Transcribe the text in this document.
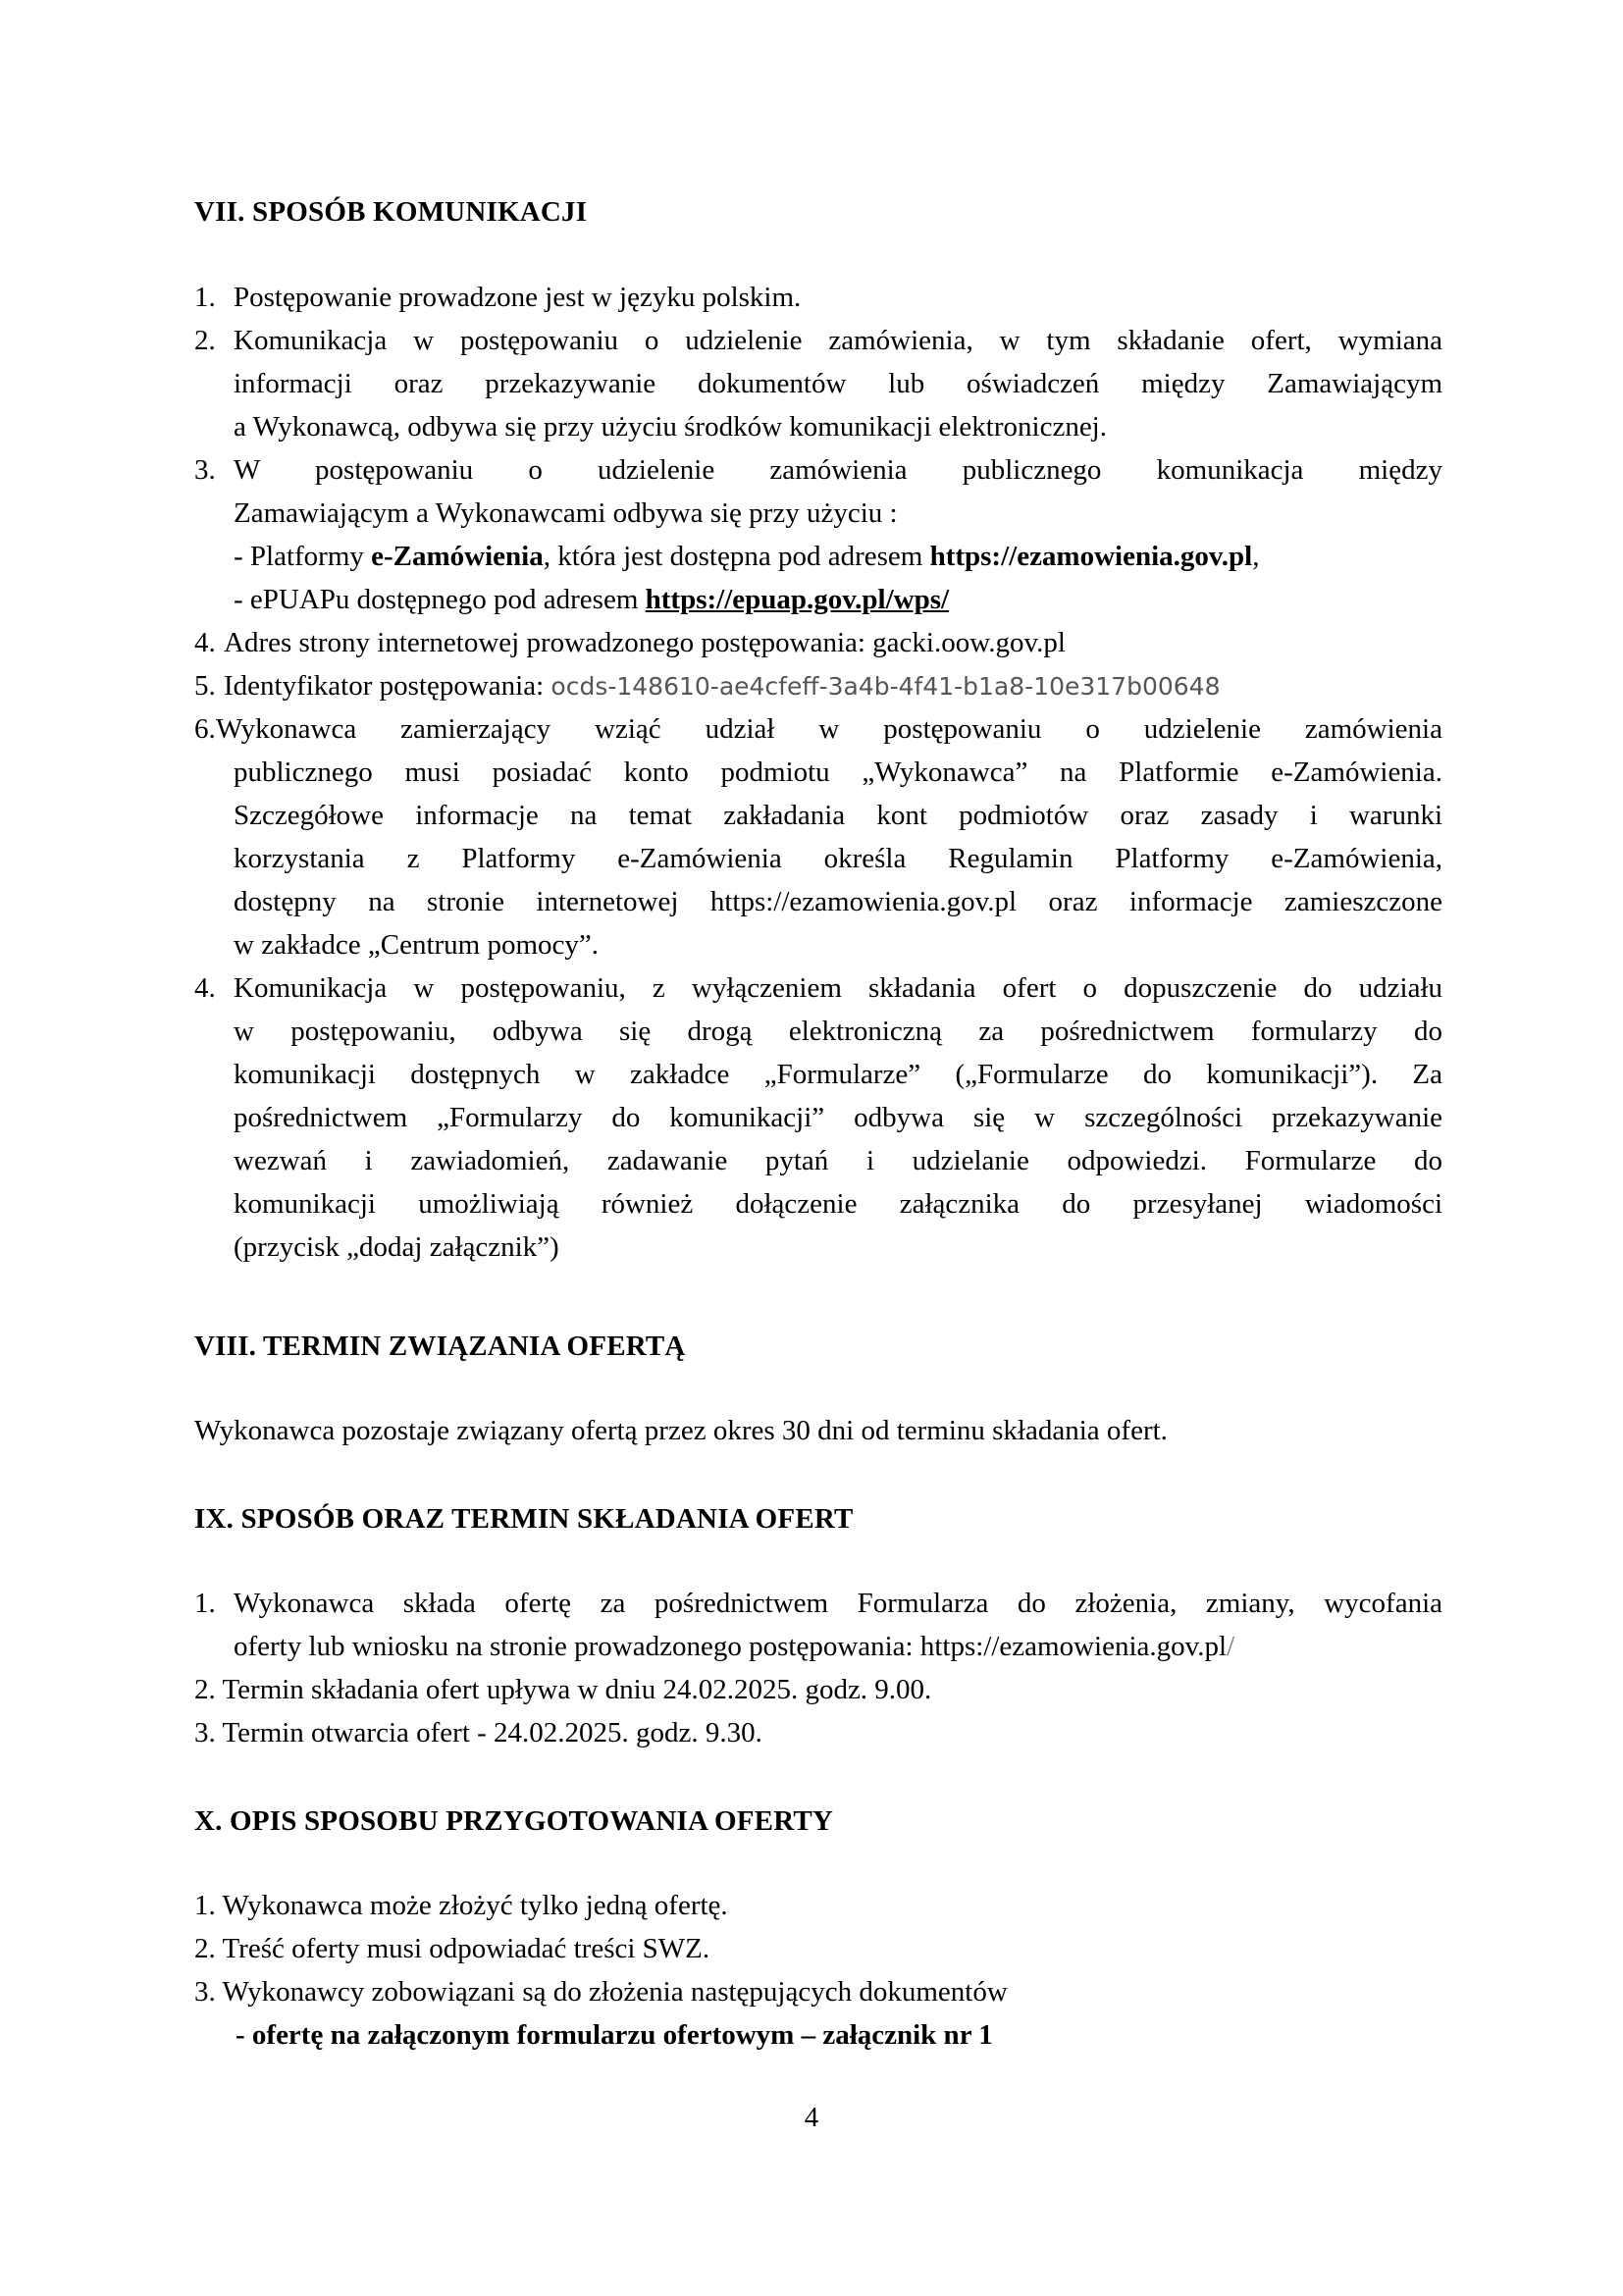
VII. SPOSÓB KOMUNIKACJI
1. Postępowanie prowadzone jest w języku polskim.
2. Komunikacja w postępowaniu o udzielenie zamówienia, w tym składanie ofert, wymiana
informacji oraz przekazywanie dokumentów lub oświadczeń między Zamawiającym
a Wykonawcą, odbywa się przy użyciu środków komunikacji elektronicznej.
3. W postępowaniu o udzielenie zamówienia publicznego komunikacja między
Zamawiającym a Wykonawcami odbywa się przy użyciu :
- Platformy e-Zamówienia, która jest dostępna pod adresem https://ezamowienia.gov.pl,
- ePUAPu dostępnego pod adresem https://epuap.gov.pl/wps/
4. Adres strony internetowej prowadzonego postępowania: gacki.oow.gov.pl
5. Identyfikator postępowania: ocds-148610-ae4cfeff-3a4b-4f41-b1a8-10e317b00648
6. Wykonawca zamierzający wziąć udział w postępowaniu o udzielenie zamówienia
publicznego musi posiadać konto podmiotu „Wykonawca” na Platformie e-Zamówienia.
Szczegółowe informacje na temat zakładania kont podmiotów oraz zasady i warunki
korzystania z Platformy e-Zamówienia określa Regulamin Platformy e-Zamówienia,
dostępny na stronie internetowej https://ezamowienia.gov.pl oraz informacje zamieszczone
w zakładce „Centrum pomocy”.
4. Komunikacja w postępowaniu, z wyłączeniem składania ofert o dopuszczenie do udziału
w postępowaniu, odbywa się drogą elektroniczną za pośrednictwem formularzy do
komunikacji dostępnych w zakładce „Formularze” („Formularze do komunikacji”). Za
pośrednictwem „Formularzy do komunikacji” odbywa się w szczególności przekazywanie
wezwań i zawiadomień, zadawanie pytań i udzielanie odpowiedzi. Formularze do
komunikacji umożliwiają również dołączenie załącznika do przesyłanej wiadomości
(przycisk „dodaj załącznik”)
VIII. TERMIN ZWIĄZANIA OFERTĄ
Wykonawca pozostaje związany ofertą przez okres 30 dni od terminu składania ofert.
IX. SPOSÓB ORAZ TERMIN SKŁADANIA OFERT
1. Wykonawca składa ofertę za pośrednictwem Formularza do złożenia, zmiany, wycofania
oferty lub wniosku na stronie prowadzonego postępowania: https://ezamowienia.gov.pl/
2. Termin składania ofert upływa w dniu 24.02.2025. godz. 9.00.
3. Termin otwarcia ofert - 24.02.2025. godz. 9.30.
X. OPIS SPOSOBU PRZYGOTOWANIA OFERTY
1. Wykonawca może złożyć tylko jedną ofertę.
2. Treść oferty musi odpowiadać treści SWZ.
3. Wykonawcy zobowiązani są do złożenia następujących dokumentów
- ofertę na załączonym formularzu ofertowym – załącznik nr 1
4
